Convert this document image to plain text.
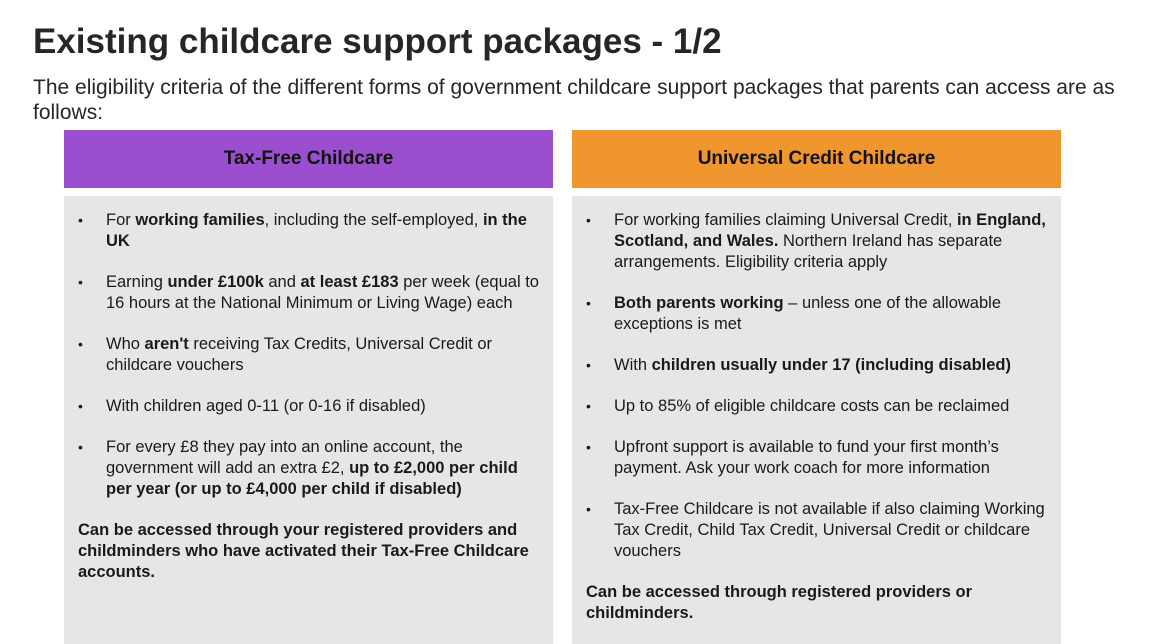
Existing childcare support packages - 1/2

The eligibility criteria of the different forms of government childcare support packages that parents can access are as follows:

Tax-Free Childcare
• For working families, including the self-employed, in the UK
• Earning under £100k and at least £183 per week (equal to 16 hours at the National Minimum or Living Wage) each
• Who aren't receiving Tax Credits, Universal Credit or childcare vouchers
• With children aged 0-11 (or 0-16 if disabled)
• For every £8 they pay into an online account, the government will add an extra £2, up to £2,000 per child per year (or up to £4,000 per child if disabled)

Can be accessed through your registered providers and childminders who have activated their Tax-Free Childcare accounts.

Universal Credit Childcare
• For working families claiming Universal Credit, in England, Scotland, and Wales. Northern Ireland has separate arrangements. Eligibility criteria apply
• Both parents working – unless one of the allowable exceptions is met
• With children usually under 17 (including disabled)
• Up to 85% of eligible childcare costs can be reclaimed
• Upfront support is available to fund your first month’s payment. Ask your work coach for more information
• Tax-Free Childcare is not available if also claiming Working Tax Credit, Child Tax Credit, Universal Credit or childcare vouchers

Can be accessed through registered providers or childminders.
